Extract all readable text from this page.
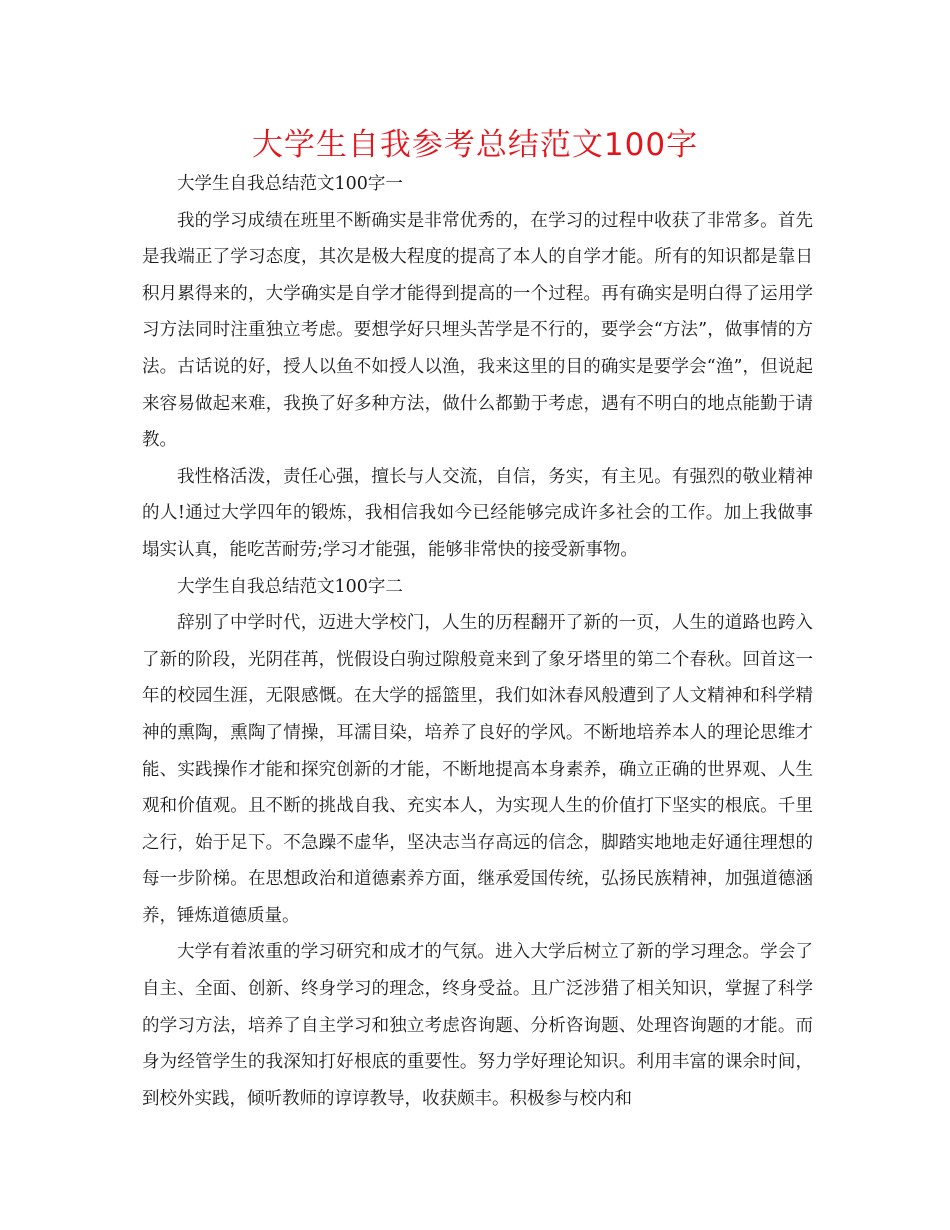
大学生自我参考总结范文100字

大学生自我总结范文100字一

我的学习成绩在班里不断确实是非常优秀的，在学习的过程中收获了非常多。首先是我端正了学习态度，其次是极大程度的提高了本人的自学才能。所有的知识都是靠日积月累得来的，大学确实是自学才能得到提高的一个过程。再有确实是明白得了运用学习方法同时注重独立考虑。要想学好只埋头苦学是不行的，要学会“方法”，做事情的方法。古话说的好，授人以鱼不如授人以渔，我来这里的目的确实是要学会“渔”，但说起来容易做起来难，我换了好多种方法，做什么都勤于考虑，遇有不明白的地点能勤于请教。

我性格活泼，责任心强，擅长与人交流，自信，务实，有主见。有强烈的敬业精神的人!通过大学四年的锻炼，我相信我如今已经能够完成许多社会的工作。加上我做事塌实认真，能吃苦耐劳;学习才能强，能够非常快的接受新事物。

大学生自我总结范文100字二

辞别了中学时代，迈进大学校门，人生的历程翻开了新的一页，人生的道路也跨入了新的阶段，光阴荏苒，恍假设白驹过隙般竟来到了象牙塔里的第二个春秋。回首这一年的校园生涯，无限感慨。在大学的摇篮里，我们如沐春风般遭到了人文精神和科学精神的熏陶，熏陶了情操，耳濡目染，培养了良好的学风。不断地培养本人的理论思维才能、实践操作才能和探究创新的才能，不断地提高本身素养，确立正确的世界观、人生观和价值观。且不断的挑战自我、充实本人，为实现人生的价值打下坚实的根底。千里之行，始于足下。不急躁不虚华，坚决志当存高远的信念，脚踏实地地走好通往理想的每一步阶梯。在思想政治和道德素养方面，继承爱国传统，弘扬民族精神，加强道德涵养，锤炼道德质量。

大学有着浓重的学习研究和成才的气氛。进入大学后树立了新的学习理念。学会了自主、全面、创新、终身学习的理念，终身受益。且广泛涉猎了相关知识，掌握了科学的学习方法，培养了自主学习和独立考虑咨询题、分析咨询题、处理咨询题的才能。而身为经管学生的我深知打好根底的重要性。努力学好理论知识。利用丰富的课余时间，到校外实践，倾听教师的谆谆教导，收获颇丰。积极参与校内和
